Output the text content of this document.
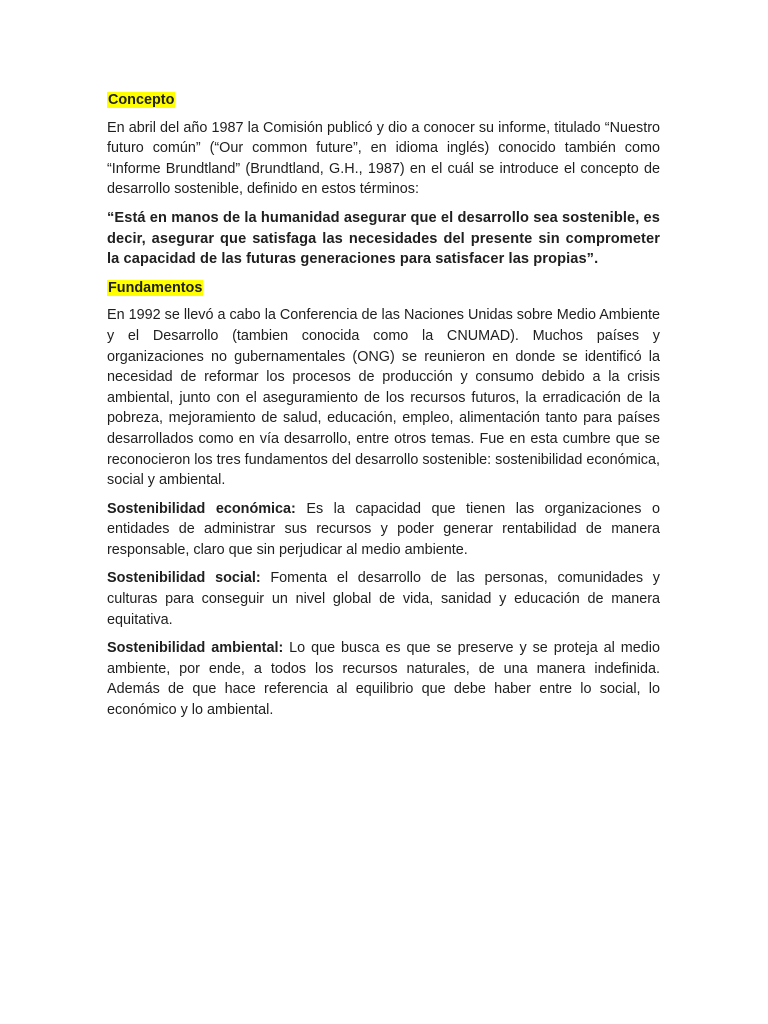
Concepto

En abril del año 1987 la Comisión publicó y dio a conocer su informe, titulado “Nuestro futuro común” (“Our common future”, en idioma inglés) conocido también como “Informe Brundtland” (Brundtland, G.H., 1987) en el cuál se introduce el concepto de desarrollo sostenible, definido en estos términos:

“Está en manos de la humanidad asegurar que el desarrollo sea sostenible, es decir, asegurar que satisfaga las necesidades del presente sin comprometer la capacidad de las futuras generaciones para satisfacer las propias”.

Fundamentos

En 1992 se llevó a cabo la Conferencia de las Naciones Unidas sobre Medio Ambiente y el Desarrollo (tambien conocida como la CNUMAD). Muchos países y organizaciones no gubernamentales (ONG) se reunieron en donde se identificó la necesidad de reformar los procesos de producción y consumo debido a la crisis ambiental, junto con el aseguramiento de los recursos futuros, la erradicación de la pobreza, mejoramiento de salud, educación, empleo, alimentación tanto para países desarrollados como en vía desarrollo, entre otros temas. Fue en esta cumbre que se reconocieron los tres fundamentos del desarrollo sostenible: sostenibilidad económica, social y ambiental.

Sostenibilidad económica: Es la capacidad que tienen las organizaciones o entidades de administrar sus recursos y poder generar rentabilidad de manera responsable, claro que sin perjudicar al medio ambiente.

Sostenibilidad social: Fomenta el desarrollo de las personas, comunidades y culturas para conseguir un nivel global de vida, sanidad y educación de manera equitativa.

Sostenibilidad ambiental: Lo que busca es que se preserve y se proteja al medio ambiente, por ende, a todos los recursos naturales, de una manera indefinida. Además de que hace referencia al equilibrio que debe haber entre lo social, lo económico y lo ambiental.
